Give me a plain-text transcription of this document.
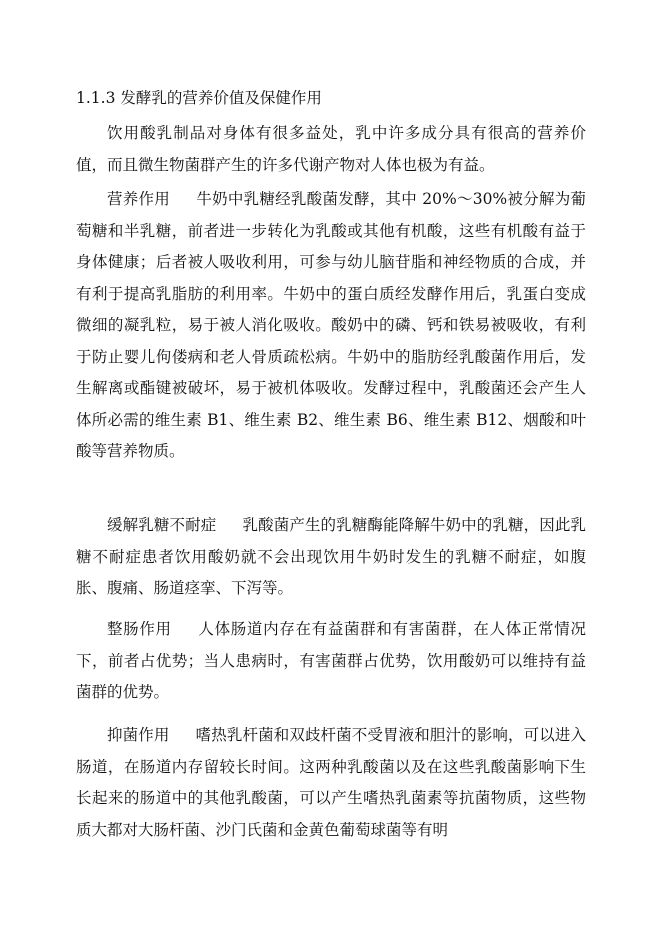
1.1.3 发酵乳的营养价值及保健作用
饮用酸乳制品对身体有很多益处，乳中许多成分具有很高的营养价值，而且微生物菌群产生的许多代谢产物对人体也极为有益。
营养作用 牛奶中乳糖经乳酸菌发酵，其中 20%～30%被分解为葡萄糖和半乳糖，前者进一步转化为乳酸或其他有机酸，这些有机酸有益于身体健康；后者被人吸收利用，可参与幼儿脑苷脂和神经物质的合成，并有利于提高乳脂肪的利用率。牛奶中的蛋白质经发酵作用后，乳蛋白变成微细的凝乳粒，易于被人消化吸收。酸奶中的磷、钙和铁易被吸收，有利于防止婴儿佝偻病和老人骨质疏松病。牛奶中的脂肪经乳酸菌作用后，发生解离或酯键被破坏，易于被机体吸收。发酵过程中，乳酸菌还会产生人体所必需的维生素 B1、维生素 B2、维生素 B6、维生素 B12、烟酸和叶酸等营养物质。
缓解乳糖不耐症 乳酸菌产生的乳糖酶能降解牛奶中的乳糖，因此乳糖不耐症患者饮用酸奶就不会出现饮用牛奶时发生的乳糖不耐症，如腹胀、腹痛、肠道痉挛、下泻等。
整肠作用 人体肠道内存在有益菌群和有害菌群，在人体正常情况下，前者占优势；当人患病时，有害菌群占优势，饮用酸奶可以维持有益菌群的优势。
抑菌作用 嗜热乳杆菌和双歧杆菌不受胃液和胆汁的影响，可以进入肠道，在肠道内存留较长时间。这两种乳酸菌以及在这些乳酸菌影响下生长起来的肠道中的其他乳酸菌，可以产生嗜热乳菌素等抗菌物质，这些物质大都对大肠杆菌、沙门氏菌和金黄色葡萄球菌等有明
